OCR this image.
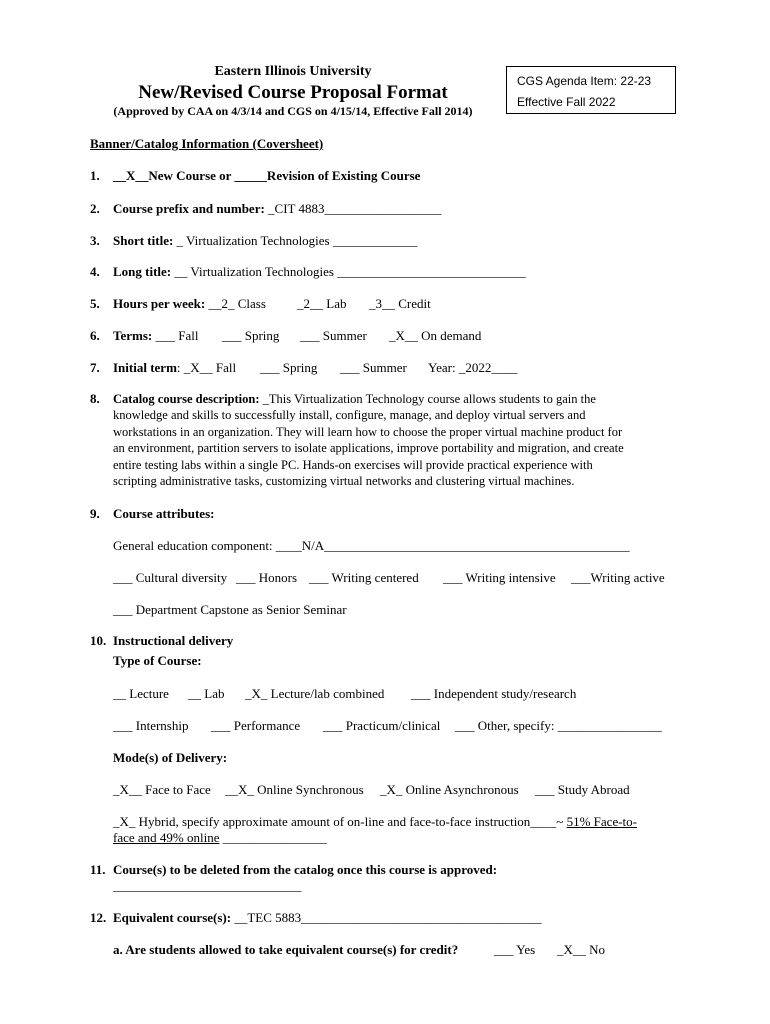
Eastern Illinois University
New/Revised Course Proposal Format
(Approved by CAA on 4/3/14 and CGS on 4/15/14, Effective Fall 2014)
CGS Agenda Item: 22-23
Effective Fall 2022
Banner/Catalog Information (Coversheet)
1. __X__New Course or _____Revision of Existing Course
2. Course prefix and number: _CIT 4883__________________
3. Short title: _ Virtualization Technologies _____________
4. Long title: __ Virtualization Technologies _____________________________
5. Hours per week: __2_ Class _2__ Lab _3__ Credit
6. Terms: ___ Fall ___ Spring ___ Summer _X__ On demand
7. Initial term: _X__ Fall ___ Spring ___ Summer Year: _2022____
8. Catalog course description: _This Virtualization Technology course allows students to gain the
knowledge and skills to successfully install, configure, manage, and deploy virtual servers and
workstations in an organization. They will learn how to choose the proper virtual machine product for
an environment, partition servers to isolate applications, improve portability and migration, and create
entire testing labs within a single PC. Hands-on exercises will provide practical experience with
scripting administrative tasks, customizing virtual networks and clustering virtual machines.
9. Course attributes:
General education component: ____N/A_______________________________________________
___ Cultural diversity ___ Honors ___ Writing centered ___ Writing intensive ___Writing active
___ Department Capstone as Senior Seminar
10. Instructional delivery
Type of Course:
__ Lecture __ Lab _X_ Lecture/lab combined ___ Independent study/research
___ Internship ___ Performance ___ Practicum/clinical ___ Other, specify: ________________
Mode(s) of Delivery:
_X__ Face to Face __X_ Online Synchronous _X_ Online Asynchronous ___ Study Abroad
_X_ Hybrid, specify approximate amount of on-line and face-to-face instruction____~ 51% Face-to-
face and 49% online ________________
11. Course(s) to be deleted from the catalog once this course is approved:
_____________________________
12. Equivalent course(s): __TEC 5883_____________________________________
a. Are students allowed to take equivalent course(s) for credit?	___ Yes _X__ No
